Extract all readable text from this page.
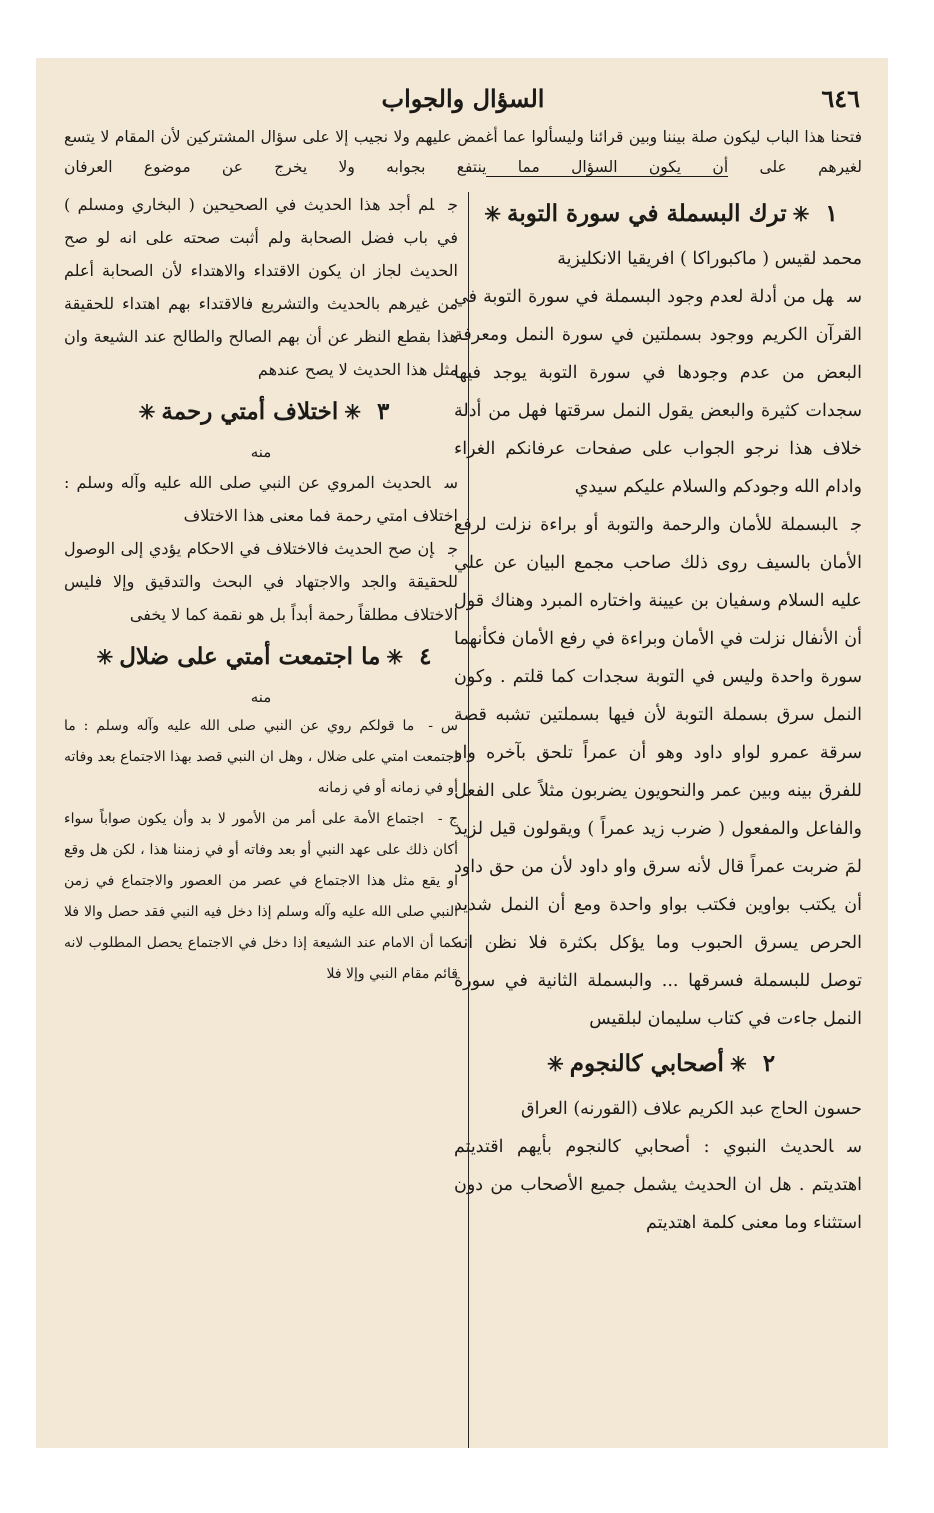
٦٤٦
السؤال والجواب

فتحنا هذا الباب ليكون صلة بيننا وبين قرائنا وليسألوا عما أغمض عليهم ولا نجيب إلا على سؤال المشتركين لأن المقام لا يتسع لغيرهم على أن يكون السؤال مما ينتفع بجوابه ولا يخرج عن موضوع العرفان

١✳ترك البسملة في سورة التوبة✳

محمد لقيس ( ماكبوراكا ) افريقيا الانكليزية

سهل من أدلة لعدم وجود البسملة في سورة التوبة في القرآن الكريم ووجود بسملتين في سورة النمل ومعرفة البعض من عدم وجودها في سورة التوبة يوجد فيها سجدات كثيرة والبعض يقول النمل سرقتها فهل من أدلة خلاف هذا نرجو الجواب على صفحات عرفانكم الغراء وادام الله وجودكم والسلام عليكم سيدي

جالبسملة للأمان والرحمة والتوبة أو براءة نزلت لرفع الأمان بالسيف روى ذلك صاحب مجمع البيان عن علي عليه السلام وسفيان بن عيينة واختاره المبرد وهناك قول أن الأنفال نزلت في الأمان وبراءة في رفع الأمان فكأنهما سورة واحدة وليس في التوبة سجدات كما قلتم . وكون النمل سرق بسملة التوبة لأن فيها بسملتين تشبه قصة سرقة عمرو لواو داود وهو أن عمراً تلحق بآخره واو للفرق بينه وبين عمر والنحويون يضربون مثلاً على الفعل والفاعل والمفعول ( ضرب زيد عمراً ) ويقولون قيل لزيد لمَ ضربت عمراً قال لأنه سرق واو داود لأن من حق داود أن يكتب بواوين فكتب بواو واحدة ومع أن النمل شديد الحرص يسرق الحبوب وما يؤكل بكثرة فلا نظن انه توصل للبسملة فسرقها ... والبسملة الثانية في سورة النمل جاءت في كتاب سليمان لبلقيس

٢✳أصحابي كالنجوم✳

حسون الحاج عبد الكريم علاف (القورنه) العراق

سالحديث النبوي : أصحابي كالنجوم بأيهم اقتديتم اهتديتم . هل ان الحديث يشمل جميع الأصحاب من دون استثناء وما معنى كلمة اهتديتم

جلم أجد هذا الحديث في الصحيحين ( البخاري ومسلم ) في باب فضل الصحابة ولم أثبت صحته على انه لو صح الحديث لجاز ان يكون الاقتداء والاهتداء لأن الصحابة أعلم من غيرهم بالحديث والتشريع فالاقتداء بهم اهتداء للحقيقة هذا بقطع النظر عن أن بهم الصالح والطالح عند الشيعة وان مثل هذا الحديث لا يصح عندهم

٣✳اختلاف أمتي رحمة✳

منه

سالحديث المروي عن النبي صلى الله عليه وآله وسلم : اختلاف امتي رحمة فما معنى هذا الاختلاف

جإن صح الحديث فالاختلاف في الاحكام يؤدي إلى الوصول للحقيقة والجد والاجتهاد في البحث والتدقيق وإلا فليس الاختلاف مطلقاً رحمة أبداً بل هو نقمة كما لا يخفى

٤✳ما اجتمعت أمتي على ضلال✳

منه

س -ما قولكم روي عن النبي صلى الله عليه وآله وسلم : ما اجتمعت امتي على ضلال ، وهل ان النبي قصد بهذا الاجتماع بعد وفاته أو في زمانه أو في زمانه

ج -اجتماع الأمة على أمر من الأمور لا بد وأن يكون صواباً سواء أكان ذلك على عهد النبي أو بعد وفاته أو في زمننا هذا ، لكن هل وقع او يقع مثل هذا الاجتماع في عصر من العصور والاجتماع في زمن النبي صلى الله عليه وآله وسلم إذا دخل فيه النبي فقد حصل والا فلا كما أن الامام عند الشيعة إذا دخل في الاجتماع يحصل المطلوب لانه قائم مقام النبي وإلا فلا
